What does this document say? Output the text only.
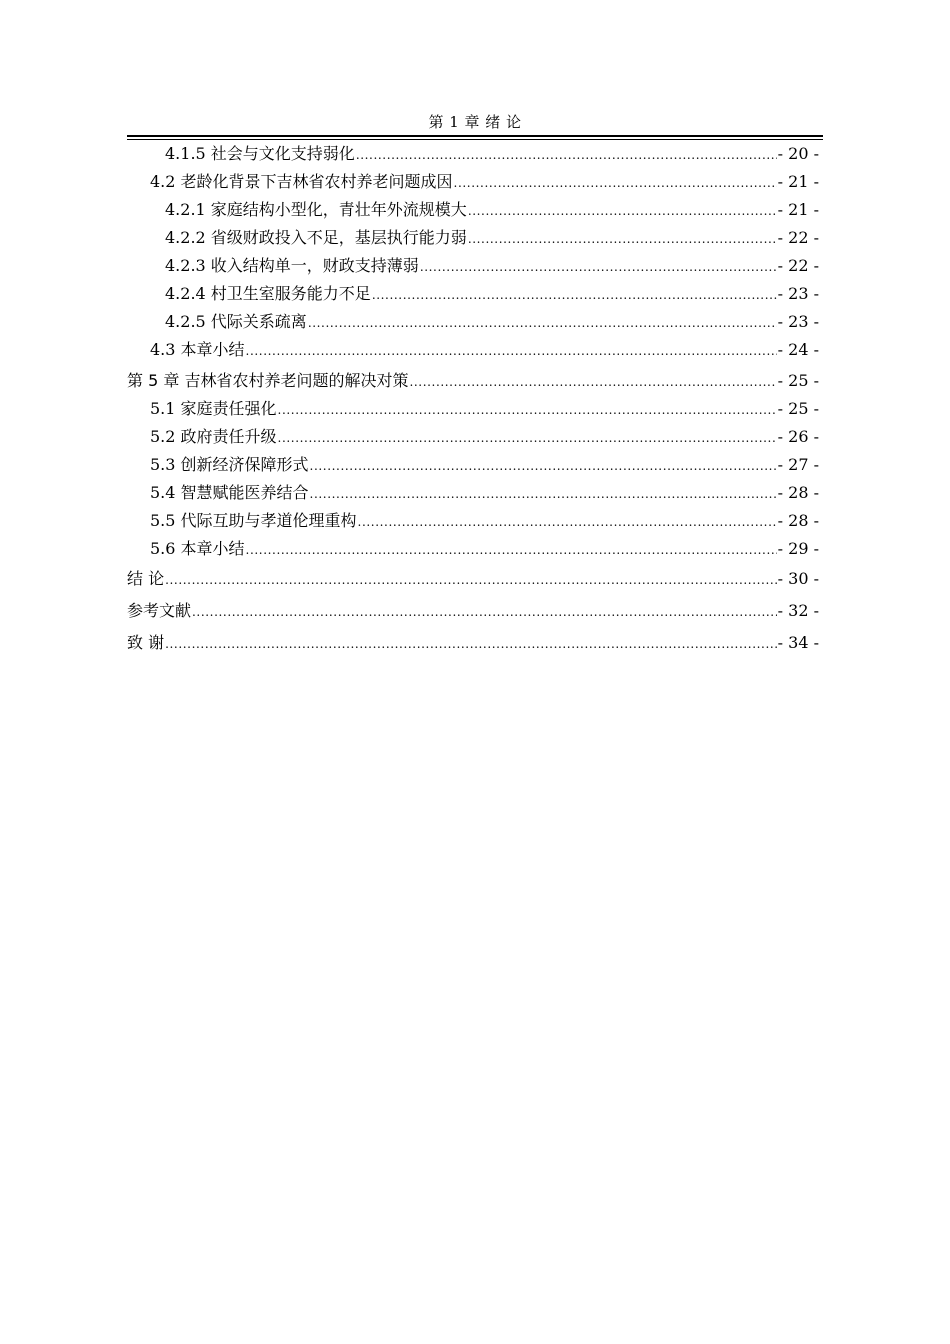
第 1 章 绪 论
4.1.5 社会与文化支持弱化 .....	- 20 -
4.2 老龄化背景下吉林省农村养老问题成因 .....	- 21 -
4.2.1 家庭结构小型化，青壮年外流规模大 .....	- 21 -
4.2.2 省级财政投入不足，基层执行能力弱 .....	- 22 -
4.2.3 收入结构单一，财政支持薄弱 .....	- 22 -
4.2.4 村卫生室服务能力不足 .....	- 23 -
4.2.5 代际关系疏离 .....	- 23 -
4.3 本章小结 .....	- 24 -
第 5 章 吉林省农村养老问题的解决对策 .....	- 25 -
5.1 家庭责任强化 .....	- 25 -
5.2 政府责任升级 .....	- 26 -
5.3 创新经济保障形式 .....	- 27 -
5.4 智慧赋能医养结合 .....	- 28 -
5.5 代际互助与孝道伦理重构 .....	- 28 -
5.6 本章小结 .....	- 29 -
结 论 .....	- 30 -
参考文献 .....	- 32 -
致 谢 .....	- 34 -
